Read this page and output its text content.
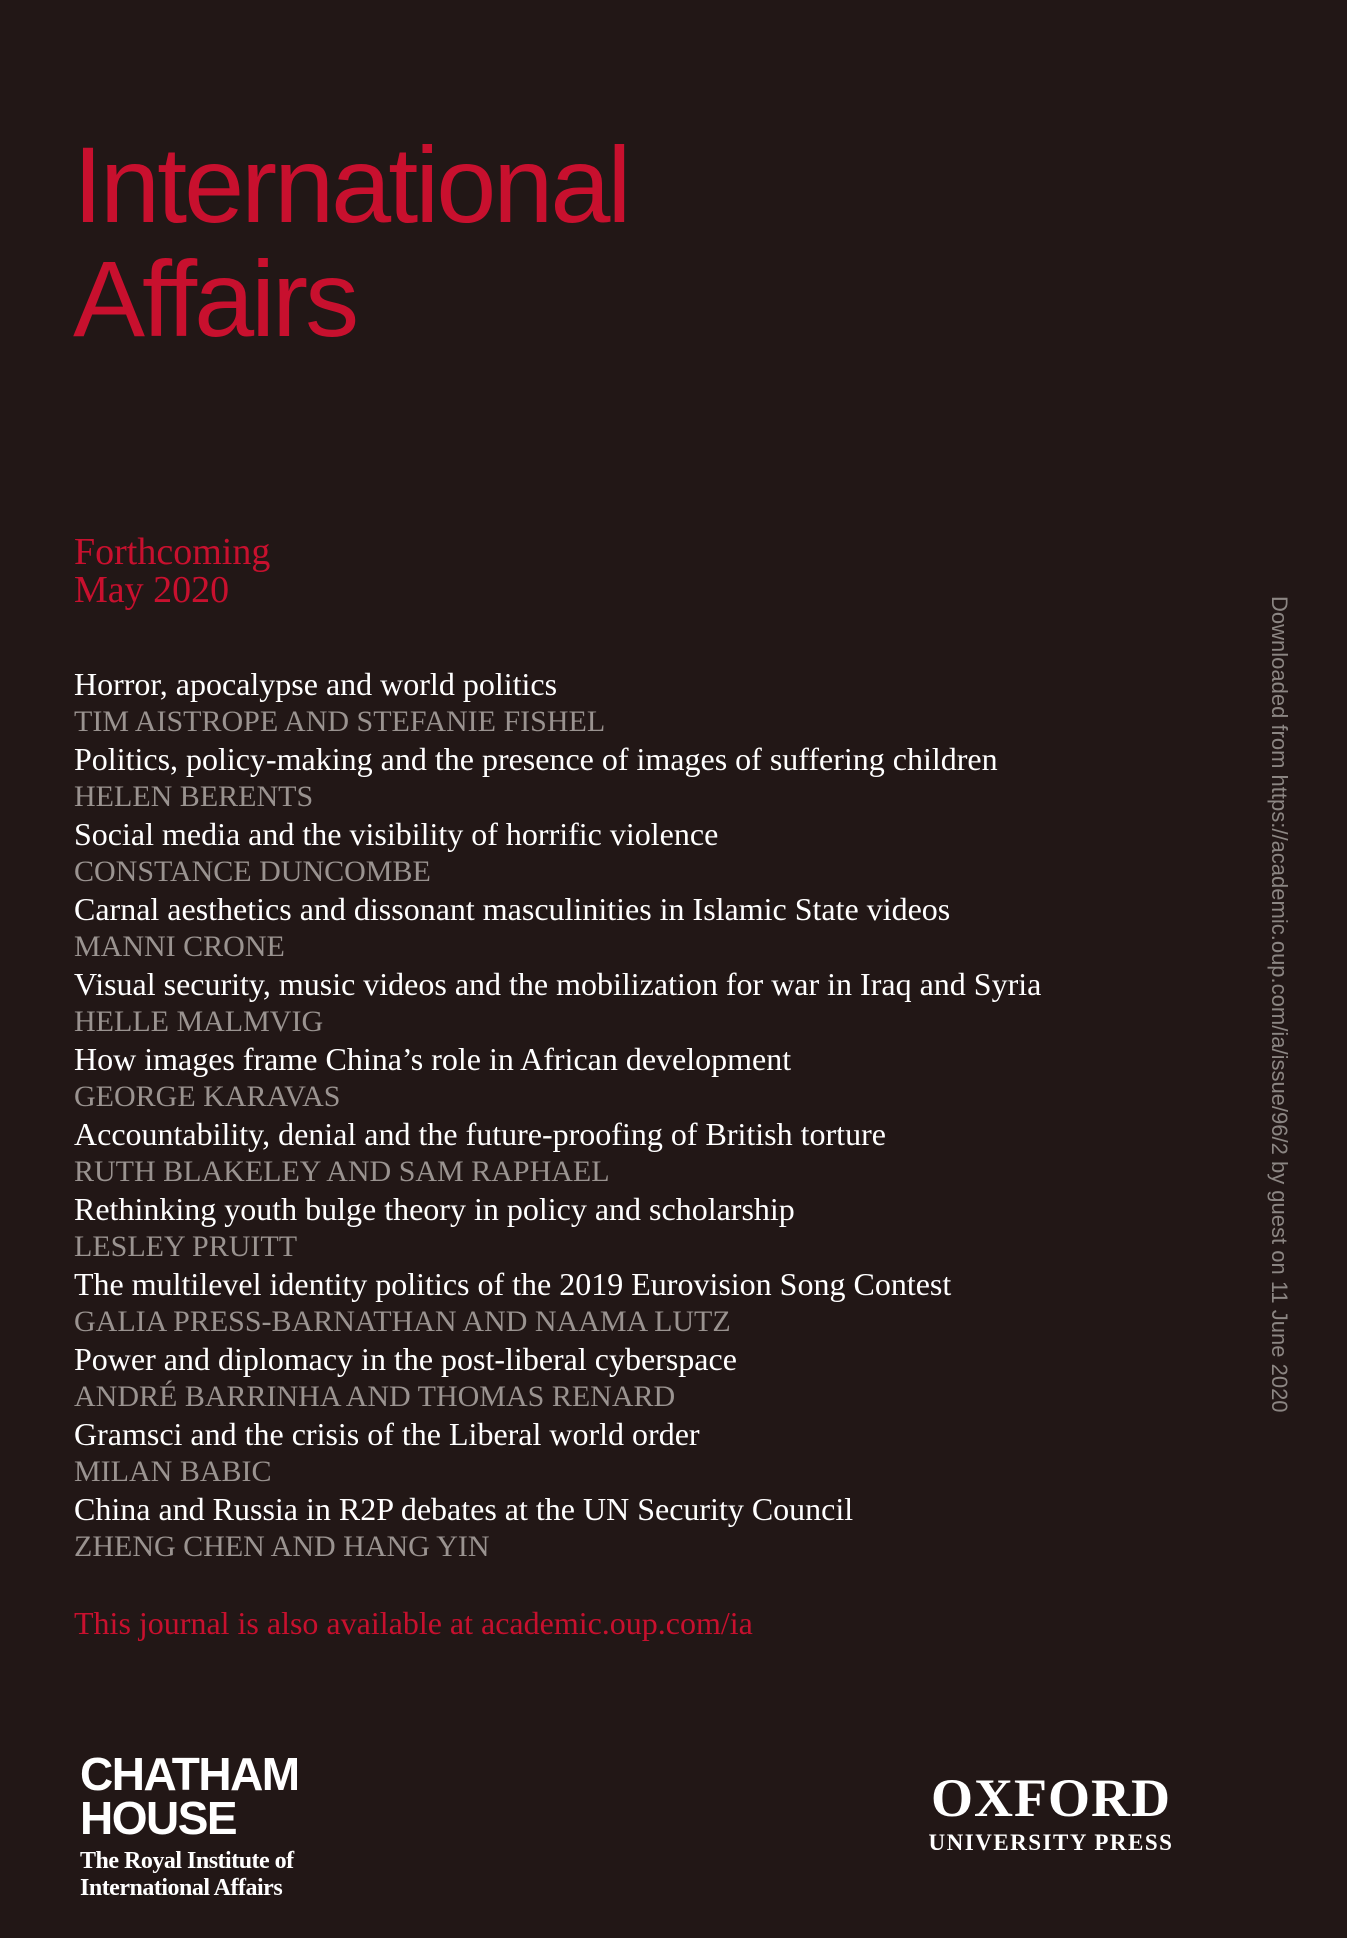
International
Affairs
Forthcoming
May 2020
Horror, apocalypse and world politics
TIM AISTROPE AND STEFANIE FISHEL
Politics, policy-making and the presence of images of suffering children
HELEN BERENTS
Social media and the visibility of horrific violence
CONSTANCE DUNCOMBE
Carnal aesthetics and dissonant masculinities in Islamic State videos
MANNI CRONE
Visual security, music videos and the mobilization for war in Iraq and Syria
HELLE MALMVIG
How images frame China’s role in African development
GEORGE KARAVAS
Accountability, denial and the future-proofing of British torture
RUTH BLAKELEY AND SAM RAPHAEL
Rethinking youth bulge theory in policy and scholarship
LESLEY PRUITT
The multilevel identity politics of the 2019 Eurovision Song Contest
GALIA PRESS-BARNATHAN AND NAAMA LUTZ
Power and diplomacy in the post-liberal cyberspace
ANDRÉ BARRINHA AND THOMAS RENARD
Gramsci and the crisis of the Liberal world order
MILAN BABIC
China and Russia in R2P debates at the UN Security Council
ZHENG CHEN AND HANG YIN
This journal is also available at academic.oup.com/ia
CHATHAM
HOUSE
The Royal Institute of
International Affairs
OXFORD
UNIVERSITY PRESS
Downloaded from https://academic.oup.com/ia/issue/96/2 by guest on 11 June 2020
